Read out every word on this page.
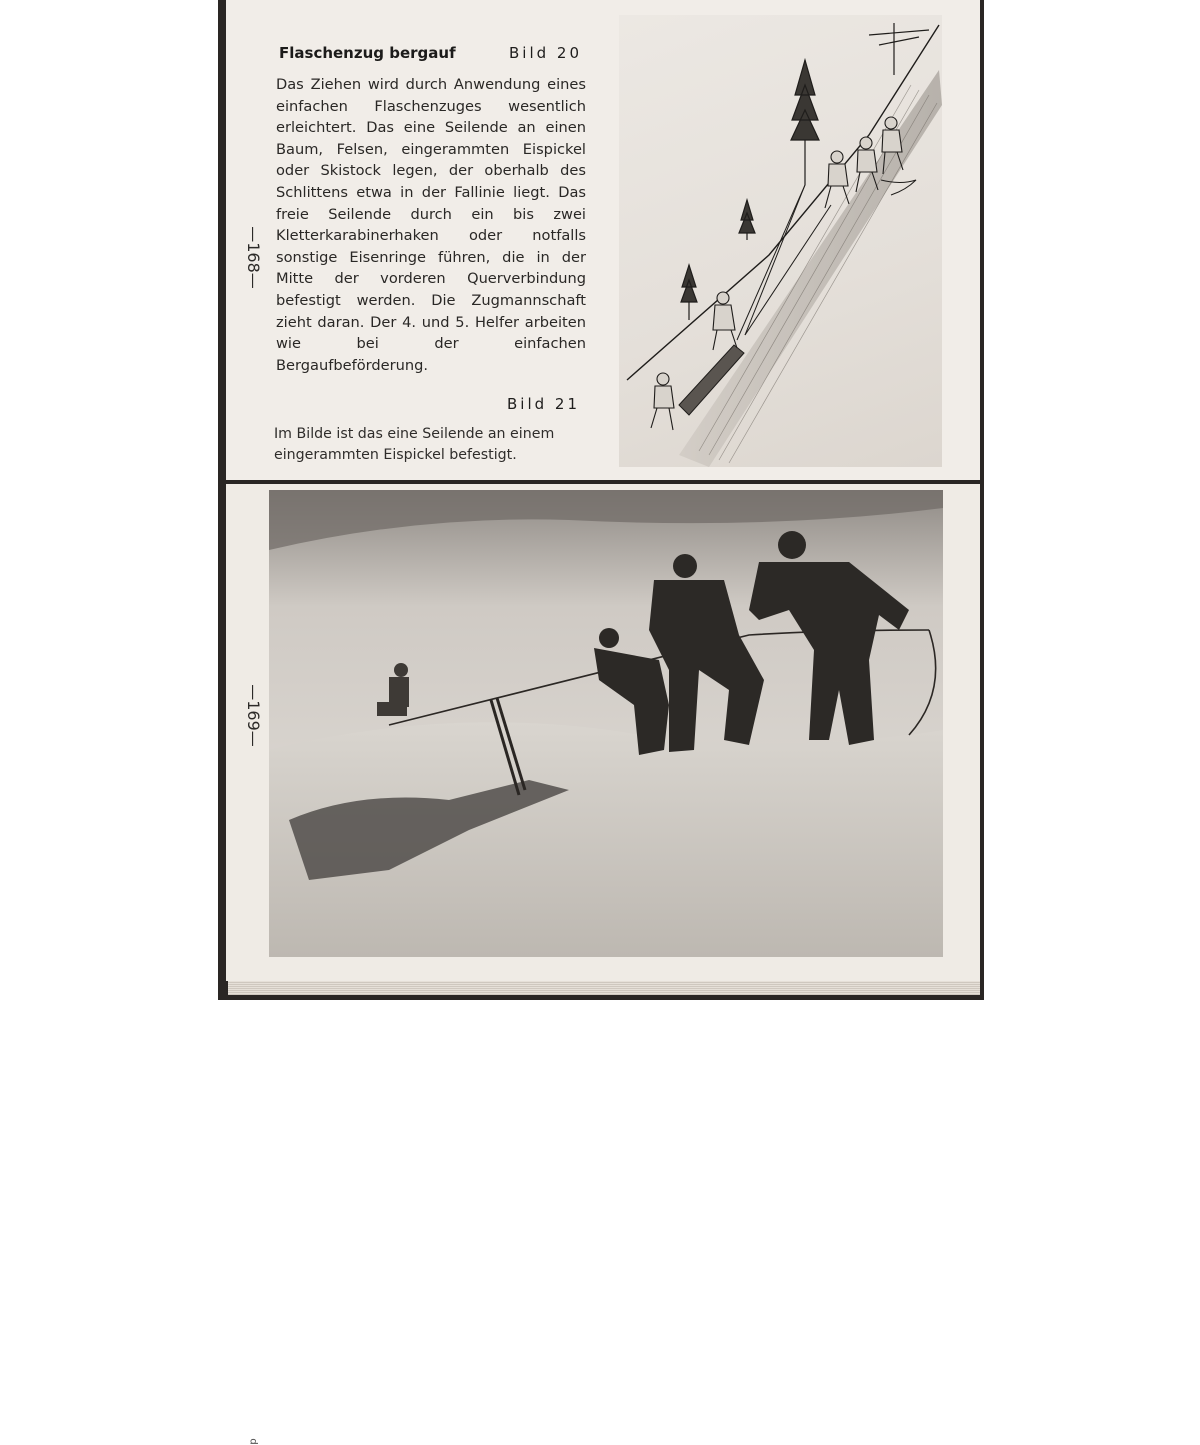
—168—
Flaschenzug bergauf	Bild 20

Das Ziehen wird durch Anwendung eines einfachen Flaschenzuges wesentlich erleichtert. Das eine Seilende an einen Baum, Felsen, eingerammten Eispickel oder Skistock legen, der oberhalb des Schlittens etwa in der Fallinie liegt. Das freie Seilende durch ein bis zwei Kletterkarabinerhaken oder notfalls sonstige Eisenringe führen, die in der Mitte der vorderen Querverbindung befestigt werden. Die Zugmannschaft zieht daran. Der 4. und 5. Helfer arbeiten wie bei der einfachen Bergaufbeförderung.

Bild 21

Im Bilde ist das eine Seilende an einem eingerammten Eispickel befestigt.

—169—
d
